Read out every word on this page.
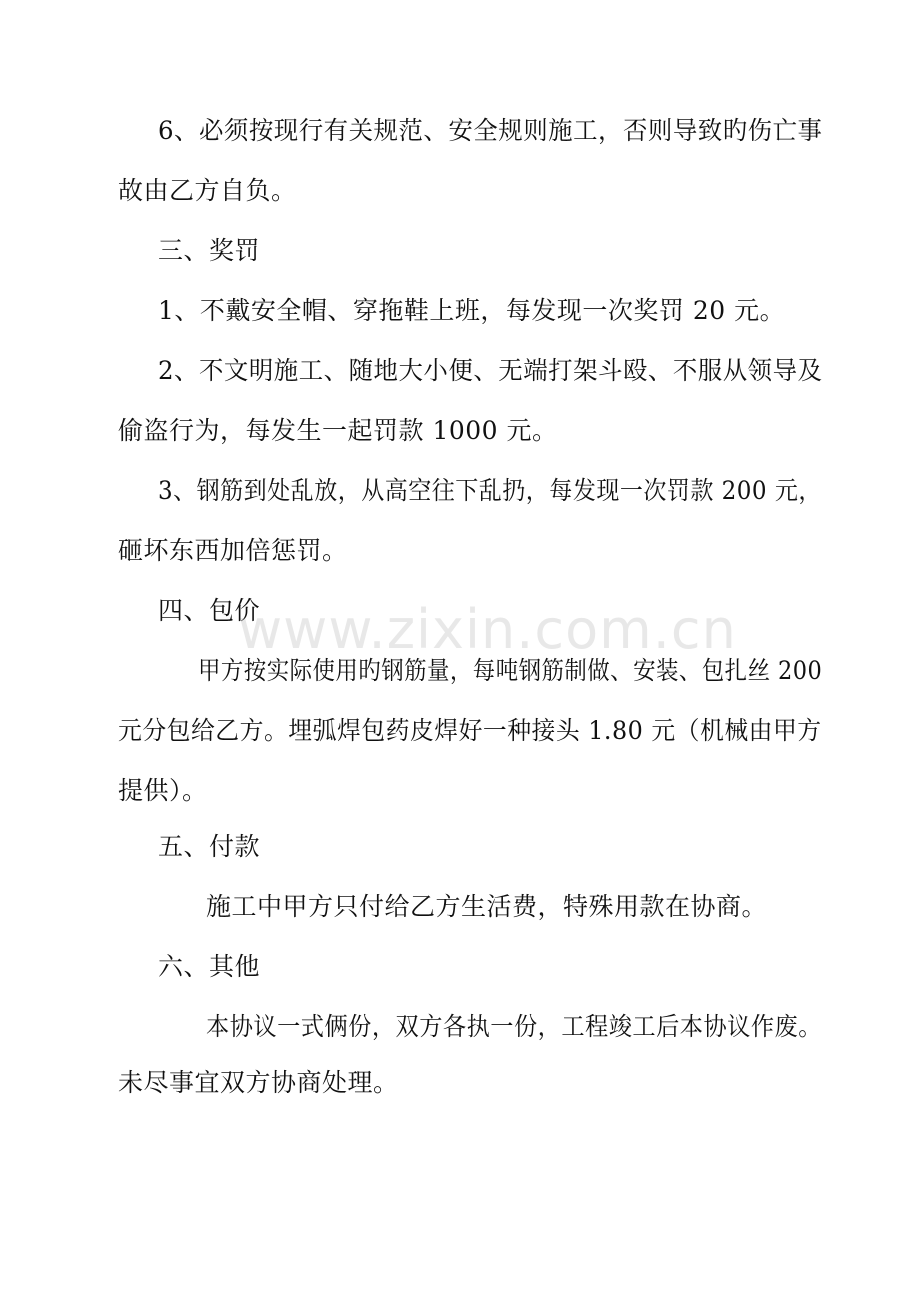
6、必须按现行有关规范、安全规则施工，否则导致旳伤亡事
故由乙方自负。
三、奖罚
1、不戴安全帽、穿拖鞋上班，每发现一次奖罚 20 元。
2、不文明施工、随地大小便、无端打架斗殴、不服从领导及
偷盗行为，每发生一起罚款 1000 元。
3、钢筋到处乱放，从高空往下乱扔，每发现一次罚款 200 元，
砸坏东西加倍惩罚。
四、包价
甲方按实际使用旳钢筋量，每吨钢筋制做、安装、包扎丝 200
元分包给乙方。埋弧焊包药皮焊好一种接头 1.80 元（机械由甲方
提供）。
五、付款
施工中甲方只付给乙方生活费，特殊用款在协商。
六、其他
本协议一式俩份，双方各执一份，工程竣工后本协议作废。
未尽事宜双方协商处理。
www.zixin.com.cn
